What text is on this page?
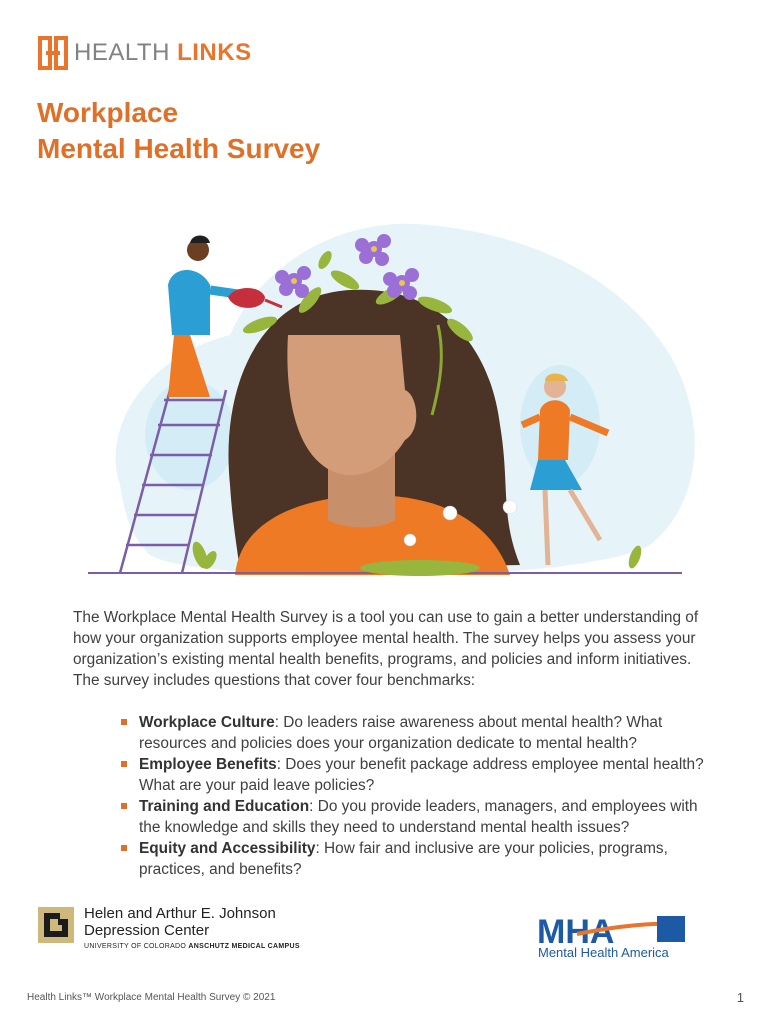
HEALTH LINKS
Workplace
Mental Health Survey

The Workplace Mental Health Survey is a tool you can use to gain a better understanding of how your organization supports employee mental health. The survey helps you assess your organization’s existing mental health benefits, programs, and policies and inform initiatives. The survey includes questions that cover four benchmarks:

Workplace Culture: Do leaders raise awareness about mental health? What resources and policies does your organization dedicate to mental health?
Employee Benefits: Does your benefit package address employee mental health? What are your paid leave policies?
Training and Education: Do you provide leaders, managers, and employees with the knowledge and skills they need to understand mental health issues?
Equity and Accessibility: How fair and inclusive are your policies, programs, practices, and benefits?
Helen and Arthur E. Johnson
Depression Center
UNIVERSITY OF COLORADO ANSCHUTZ MEDICAL CAMPUS	MHA
Mental Health America
Health Links™ Workplace Mental Health Survey © 2021	1
